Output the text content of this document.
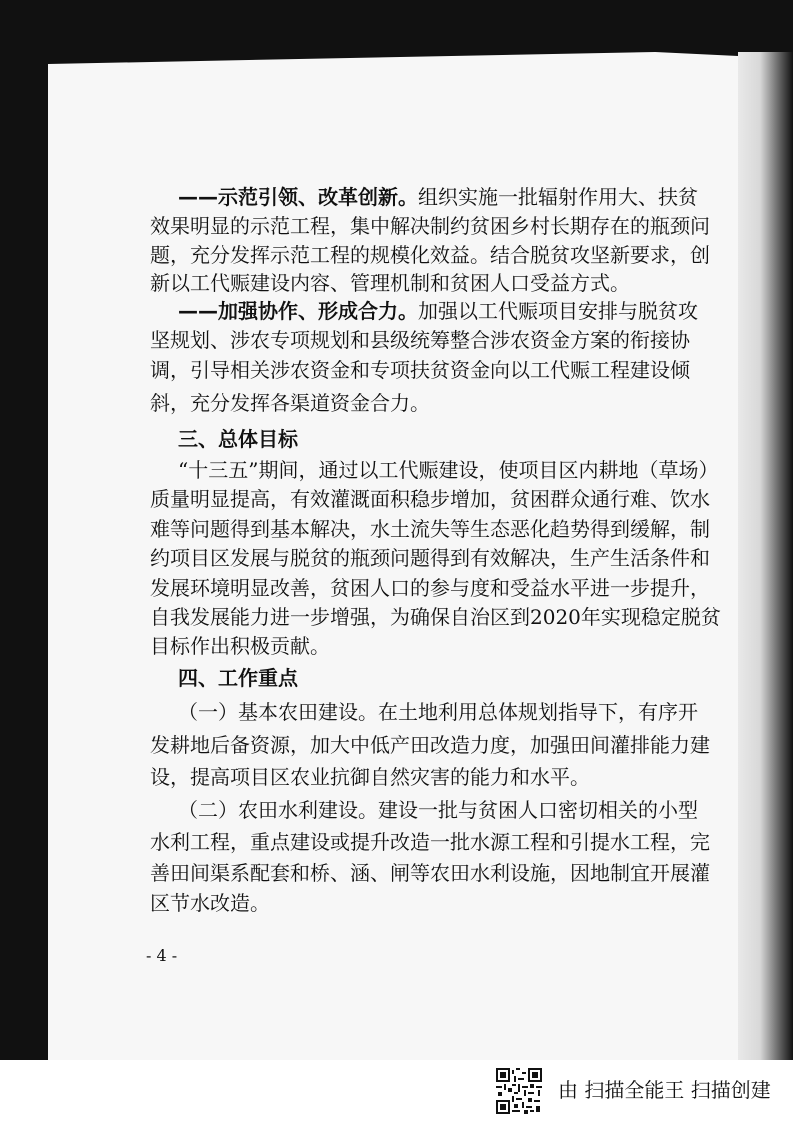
——示范引领、改革创新。组织实施一批辐射作用大、扶贫
效果明显的示范工程，集中解决制约贫困乡村长期存在的瓶颈问
题，充分发挥示范工程的规模化效益。结合脱贫攻坚新要求，创
新以工代赈建设内容、管理机制和贫困人口受益方式。
——加强协作、形成合力。加强以工代赈项目安排与脱贫攻
坚规划、涉农专项规划和县级统筹整合涉农资金方案的衔接协
调，引导相关涉农资金和专项扶贫资金向以工代赈工程建设倾
斜，充分发挥各渠道资金合力。
三、总体目标
“十三五”期间，通过以工代赈建设，使项目区内耕地（草场）
质量明显提高，有效灌溉面积稳步增加，贫困群众通行难、饮水
难等问题得到基本解决，水土流失等生态恶化趋势得到缓解，制
约项目区发展与脱贫的瓶颈问题得到有效解决，生产生活条件和
发展环境明显改善，贫困人口的参与度和受益水平进一步提升，
自我发展能力进一步增强，为确保自治区到2020年实现稳定脱贫
目标作出积极贡献。
四、工作重点
（一）基本农田建设。在土地利用总体规划指导下，有序开
发耕地后备资源，加大中低产田改造力度，加强田间灌排能力建
设，提高项目区农业抗御自然灾害的能力和水平。
（二）农田水利建设。建设一批与贫困人口密切相关的小型
水利工程，重点建设或提升改造一批水源工程和引提水工程，完
善田间渠系配套和桥、涵、闸等农田水利设施，因地制宜开展灌
区节水改造。
- 4 -
由 扫描全能王 扫描创建
